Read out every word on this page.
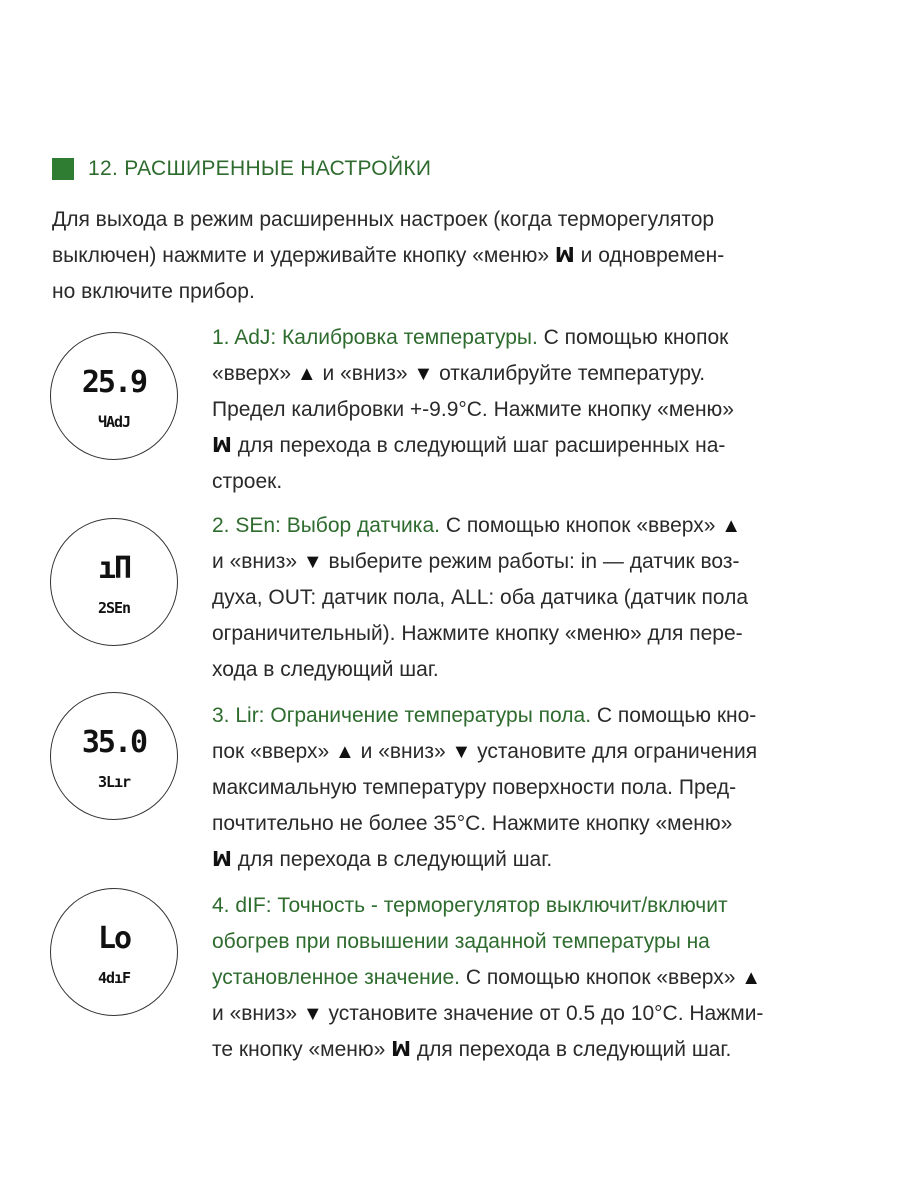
12. РАСШИРЕННЫЕ НАСТРОЙКИ
Для выхода в режим расширенных настроек (когда терморегулятор
выключен) нажмите и удерживайте кнопку «меню» ꟽ и одновремен-
но включите прибор.
25.9
ЧАdJ
1. AdJ: Калибровка температуры. С помощью кнопок
«вверх» ▲ и «вниз» ▼ откалибруйте температуру.
Предел калибровки +-9.9°С. Нажмите кнопку «меню»
ꟽ для перехода в следующий шаг расширенных на-
строек.
ıП
2SEn
2. SEn: Выбор датчика. С помощью кнопок «вверх» ▲
и «вниз» ▼ выберите режим работы: in — датчик воз-
духа, OUT: датчик пола, ALL: оба датчика (датчик пола
ограничительный). Нажмите кнопку «меню» для пере-
хода в следующий шаг.
35.0
3Lır
3. Lir: Ограничение температуры пола. С помощью кно-
пок «вверх» ▲ и «вниз» ▼ установите для ограничения
максимальную температуру поверхности пола. Пред-
почтительно не более 35°С. Нажмите кнопку «меню»
ꟽ для перехода в следующий шаг.
Lo
4dıF
4. dIF: Точность - терморегулятор выключит/включит
обогрев при повышении заданной температуры на
установленное значение. С помощью кнопок «вверх» ▲
и «вниз» ▼ установите значение от 0.5 до 10°С. Нажми-
те кнопку «меню» ꟽ для перехода в следующий шаг.
